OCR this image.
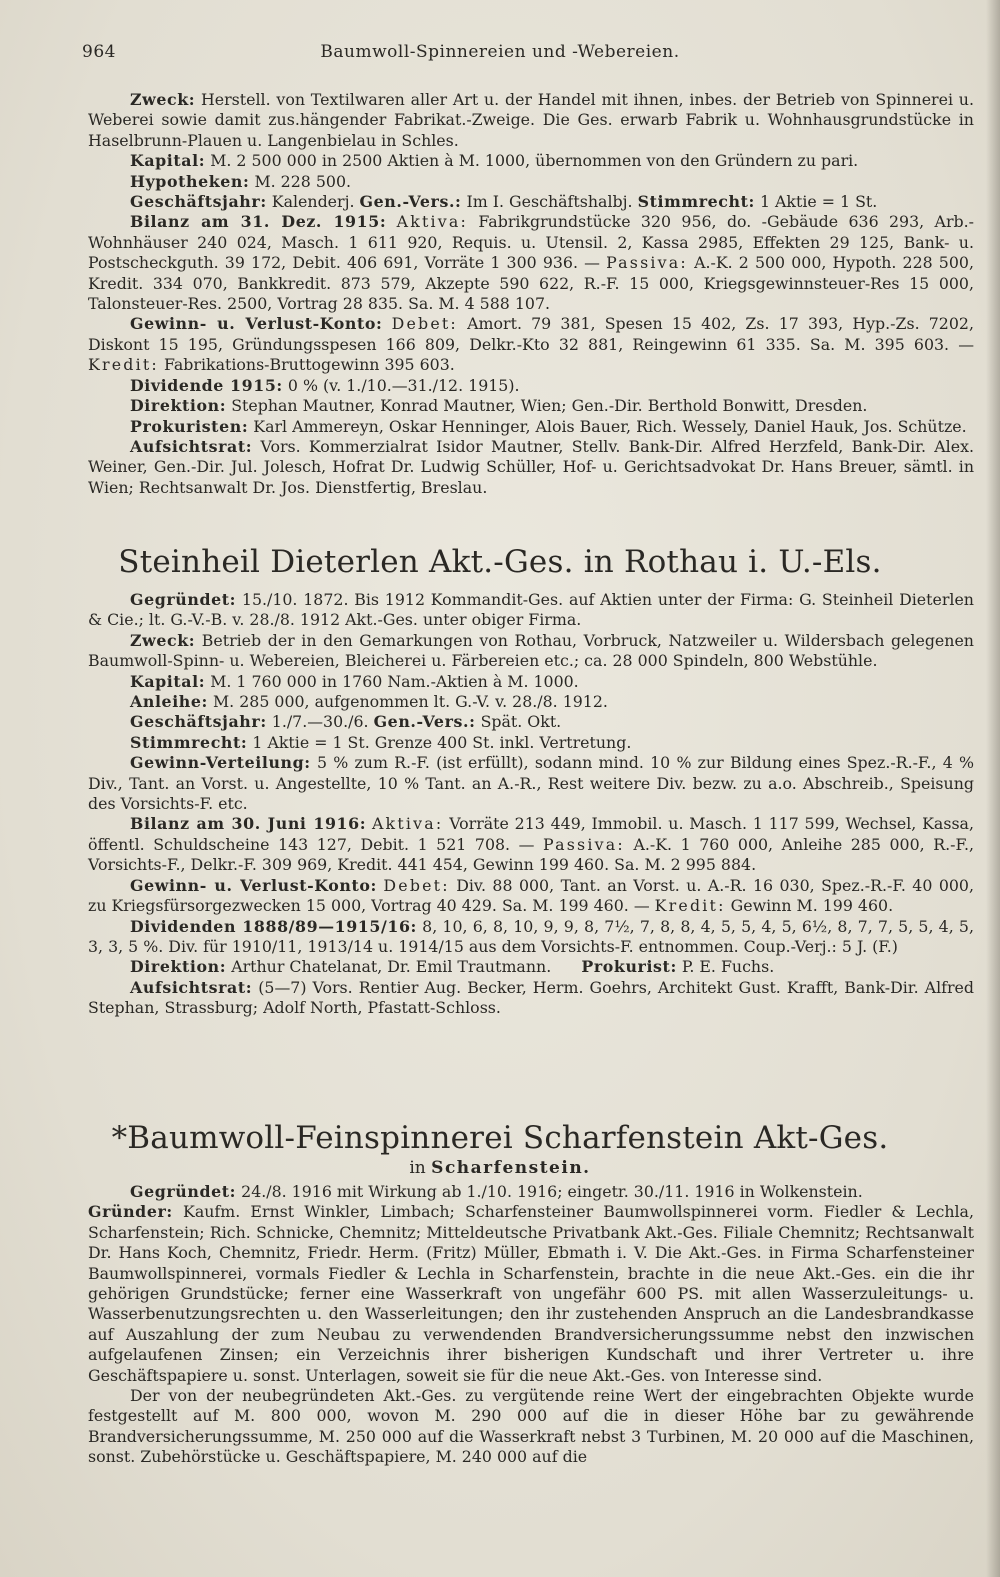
964	Baumwoll-Spinnereien und -Webereien.

Zweck: Herstell. von Textilwaren aller Art u. der Handel mit ihnen, inbes. der Betrieb von Spinnerei u. Weberei sowie damit zus.hängender Fabrikat.-Zweige. Die Ges. erwarb Fabrik u. Wohnhausgrundstücke in Haselbrunn-Plauen u. Langenbielau in Schles.

Kapital: M. 2 500 000 in 2500 Aktien à M. 1000, übernommen von den Gründern zu pari.

Hypotheken: M. 228 500.

Geschäftsjahr: Kalenderj. Gen.-Vers.: Im I. Geschäftshalbj. Stimmrecht: 1 Aktie = 1 St.

Bilanz am 31. Dez. 1915: Aktiva: Fabrikgrundstücke 320 956, do. -Gebäude 636 293, Arb.-Wohnhäuser 240 024, Masch. 1 611 920, Requis. u. Utensil. 2, Kassa 2985, Effekten 29 125, Bank- u. Postscheckguth. 39 172, Debit. 406 691, Vorräte 1 300 936. — Passiva: A.-K. 2 500 000, Hypoth. 228 500, Kredit. 334 070, Bankkredit. 873 579, Akzepte 590 622, R.-F. 15 000, Kriegsgewinnsteuer-Res 15 000, Talonsteuer-Res. 2500, Vortrag 28 835. Sa. M. 4 588 107.

Gewinn- u. Verlust-Konto: Debet: Amort. 79 381, Spesen 15 402, Zs. 17 393, Hyp.-Zs. 7202, Diskont 15 195, Gründungsspesen 166 809, Delkr.-Kto 32 881, Reingewinn 61 335. Sa. M. 395 603. — Kredit: Fabrikations-Bruttogewinn 395 603.

Dividende 1915: 0 % (v. 1./10.—31./12. 1915).

Direktion: Stephan Mautner, Konrad Mautner, Wien; Gen.-Dir. Berthold Bonwitt, Dresden.

Prokuristen: Karl Ammereyn, Oskar Henninger, Alois Bauer, Rich. Wessely, Daniel Hauk, Jos. Schütze.

Aufsichtsrat: Vors. Kommerzialrat Isidor Mautner, Stellv. Bank-Dir. Alfred Herzfeld, Bank-Dir. Alex. Weiner, Gen.-Dir. Jul. Jolesch, Hofrat Dr. Ludwig Schüller, Hof- u. Gerichtsadvokat Dr. Hans Breuer, sämtl. in Wien; Rechtsanwalt Dr. Jos. Dienstfertig, Breslau.

Steinheil Dieterlen Akt.-Ges. in Rothau i. U.-Els.

Gegründet: 15./10. 1872. Bis 1912 Kommandit-Ges. auf Aktien unter der Firma: G. Steinheil Dieterlen & Cie.; lt. G.-V.-B. v. 28./8. 1912 Akt.-Ges. unter obiger Firma.

Zweck: Betrieb der in den Gemarkungen von Rothau, Vorbruck, Natzweiler u. Wildersbach gelegenen Baumwoll-Spinn- u. Webereien, Bleicherei u. Färbereien etc.; ca. 28 000 Spindeln, 800 Webstühle.

Kapital: M. 1 760 000 in 1760 Nam.-Aktien à M. 1000.

Anleihe: M. 285 000, aufgenommen lt. G.-V. v. 28./8. 1912.

Geschäftsjahr: 1./7.—30./6. Gen.-Vers.: Spät. Okt.

Stimmrecht: 1 Aktie = 1 St. Grenze 400 St. inkl. Vertretung.

Gewinn-Verteilung: 5 % zum R.-F. (ist erfüllt), sodann mind. 10 % zur Bildung eines Spez.-R.-F., 4 % Div., Tant. an Vorst. u. Angestellte, 10 % Tant. an A.-R., Rest weitere Div. bezw. zu a.o. Abschreib., Speisung des Vorsichts-F. etc.

Bilanz am 30. Juni 1916: Aktiva: Vorräte 213 449, Immobil. u. Masch. 1 117 599, Wechsel, Kassa, öffentl. Schuldscheine 143 127, Debit. 1 521 708. — Passiva: A.-K. 1 760 000, Anleihe 285 000, R.-F., Vorsichts-F., Delkr.-F. 309 969, Kredit. 441 454, Gewinn 199 460. Sa. M. 2 995 884.

Gewinn- u. Verlust-Konto: Debet: Div. 88 000, Tant. an Vorst. u. A.-R. 16 030, Spez.-R.-F. 40 000, zu Kriegsfürsorgezwecken 15 000, Vortrag 40 429. Sa. M. 199 460. — Kredit: Gewinn M. 199 460.

Dividenden 1888/89—1915/16: 8, 10, 6, 8, 10, 9, 9, 8, 7½, 7, 8, 8, 4, 5, 5, 4, 5, 6½, 8, 7, 7, 5, 5, 4, 5, 3, 3, 5 %. Div. für 1910/11, 1913/14 u. 1914/15 aus dem Vorsichts-F. entnommen. Coup.-Verj.: 5 J. (F.)

Direktion: Arthur Chatelanat, Dr. Emil Trautmann. Prokurist: P. E. Fuchs.

Aufsichtsrat: (5—7) Vors. Rentier Aug. Becker, Herm. Goehrs, Architekt Gust. Krafft, Bank-Dir. Alfred Stephan, Strassburg; Adolf North, Pfastatt-Schloss.

*Baumwoll-Feinspinnerei Scharfenstein Akt-Ges.
in Scharfenstein.

Gegründet: 24./8. 1916 mit Wirkung ab 1./10. 1916; eingetr. 30./11. 1916 in Wolkenstein.

Gründer: Kaufm. Ernst Winkler, Limbach; Scharfensteiner Baumwollspinnerei vorm. Fiedler & Lechla, Scharfenstein; Rich. Schnicke, Chemnitz; Mitteldeutsche Privatbank Akt.-Ges. Filiale Chemnitz; Rechtsanwalt Dr. Hans Koch, Chemnitz, Friedr. Herm. (Fritz) Müller, Ebmath i. V. Die Akt.-Ges. in Firma Scharfensteiner Baumwollspinnerei, vormals Fiedler & Lechla in Scharfenstein, brachte in die neue Akt.-Ges. ein die ihr gehörigen Grundstücke; ferner eine Wasserkraft von ungefähr 600 PS. mit allen Wasserzuleitungs- u. Wasserbenutzungsrechten u. den Wasserleitungen; den ihr zustehenden Anspruch an die Landesbrandkasse auf Auszahlung der zum Neubau zu verwendenden Brandversicherungssumme nebst den inzwischen aufgelaufenen Zinsen; ein Verzeichnis ihrer bisherigen Kundschaft und ihrer Vertreter u. ihre Geschäftspapiere u. sonst. Unterlagen, soweit sie für die neue Akt.-Ges. von Interesse sind.

Der von der neubegründeten Akt.-Ges. zu vergütende reine Wert der eingebrachten Objekte wurde festgestellt auf M. 800 000, wovon M. 290 000 auf die in dieser Höhe bar zu gewährende Brandversicherungssumme, M. 250 000 auf die Wasserkraft nebst 3 Turbinen, M. 20 000 auf die Maschinen, sonst. Zubehörstücke u. Geschäftspapiere, M. 240 000 auf die
